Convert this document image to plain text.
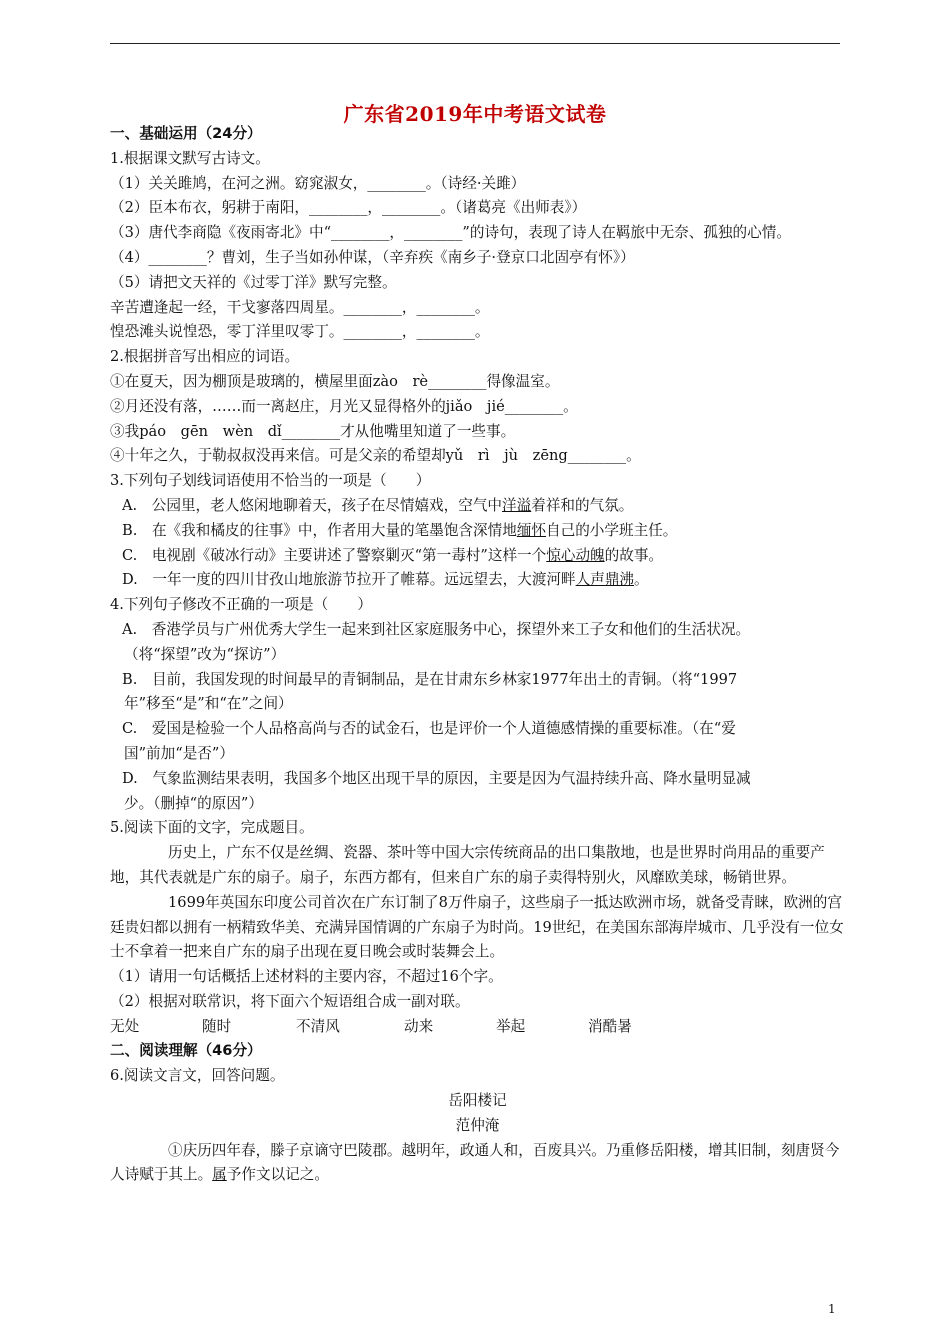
广东省2019年中考语文试卷
一、基础运用（24分）
1.根据课文默写古诗文。
（1）关关雎鸠，在河之洲。窈窕淑女，________。（诗经·关雎）
（2）臣本布衣，躬耕于南阳，________，________。（诸葛亮《出师表》）
（3）唐代李商隐《夜雨寄北》中“________，________”的诗句，表现了诗人在羁旅中无奈、孤独的心情。
（4）________？曹刘，生子当如孙仲谋，（辛弃疾《南乡子·登京口北固亭有怀》）
（5）请把文天祥的《过零丁洋》默写完整。
辛苦遭逢起一经，干戈寥落四周星。________，________。
惶恐滩头说惶恐，零丁洋里叹零丁。________，________。
2.根据拼音写出相应的词语。
①在夏天，因为棚顶是玻璃的，横屋里面zào　rè________得像温室。
②月还没有落，……而一离赵庄，月光又显得格外的jiǎo　jié________。
③我páo　gēn　wèn　dǐ________才从他嘴里知道了一些事。
④十年之久，于勒叔叔没再来信。可是父亲的希望却yǔ　rì　jù　zēng________。
3.下列句子划线词语使用不恰当的一项是（　　）
A.　公园里，老人悠闲地聊着天，孩子在尽情嬉戏，空气中洋溢着祥和的气氛。
B.　在《我和橘皮的往事》中，作者用大量的笔墨饱含深情地缅怀自己的小学班主任。
C.　电视剧《破冰行动》主要讲述了警察剿灭“第一毒村”这样一个惊心动魄的故事。
D.　一年一度的四川甘孜山地旅游节拉开了帷幕。远远望去，大渡河畔人声鼎沸。
4.下列句子修改不正确的一项是（　　）
A.　香港学员与广州优秀大学生一起来到社区家庭服务中心，探望外来工子女和他们的生活状况。
（将“探望”改为“探访”）
B.　目前，我国发现的时间最早的青铜制品，是在甘肃东乡林家1977年出土的青铜。（将“1997
年”移至“是”和“在”之间）
C.　爱国是检验一个人品格高尚与否的试金石，也是评价一个人道德感情操的重要标准。（在“爱
国”前加“是否”）
D.　气象监测结果表明，我国多个地区出现干旱的原因，主要是因为气温持续升高、降水量明显减
少。（删掉“的原因”）
5.阅读下面的文字，完成题目。
历史上，广东不仅是丝绸、瓷器、茶叶等中国大宗传统商品的出口集散地，也是世界时尚用品的重要产地，其代表就是广东的扇子。扇子，东西方都有，但来自广东的扇子卖得特别火，风靡欧美球，畅销世界。
1699年英国东印度公司首次在广东订制了8万件扇子，这些扇子一抵达欧洲市场，就备受青睐，欧洲的宫廷贵妇都以拥有一柄精致华美、充满异国情调的广东扇子为时尚。19世纪，在美国东部海岸城市、几乎没有一位女士不拿着一把来自广东的扇子出现在夏日晚会或时装舞会上。
（1）请用一句话概括上述材料的主要内容，不超过16个字。
（2）根据对联常识，将下面六个短语组合成一副对联。
无处	随时	不清风	动来	举起	消酷暑
二、阅读理解（46分）
6.阅读文言文，回答问题。
岳阳楼记
范仲淹
①庆历四年春，滕子京谪守巴陵郡。越明年，政通人和，百废具兴。乃重修岳阳楼，增其旧制，刻唐贤今人诗赋于其上。属予作文以记之。
1
